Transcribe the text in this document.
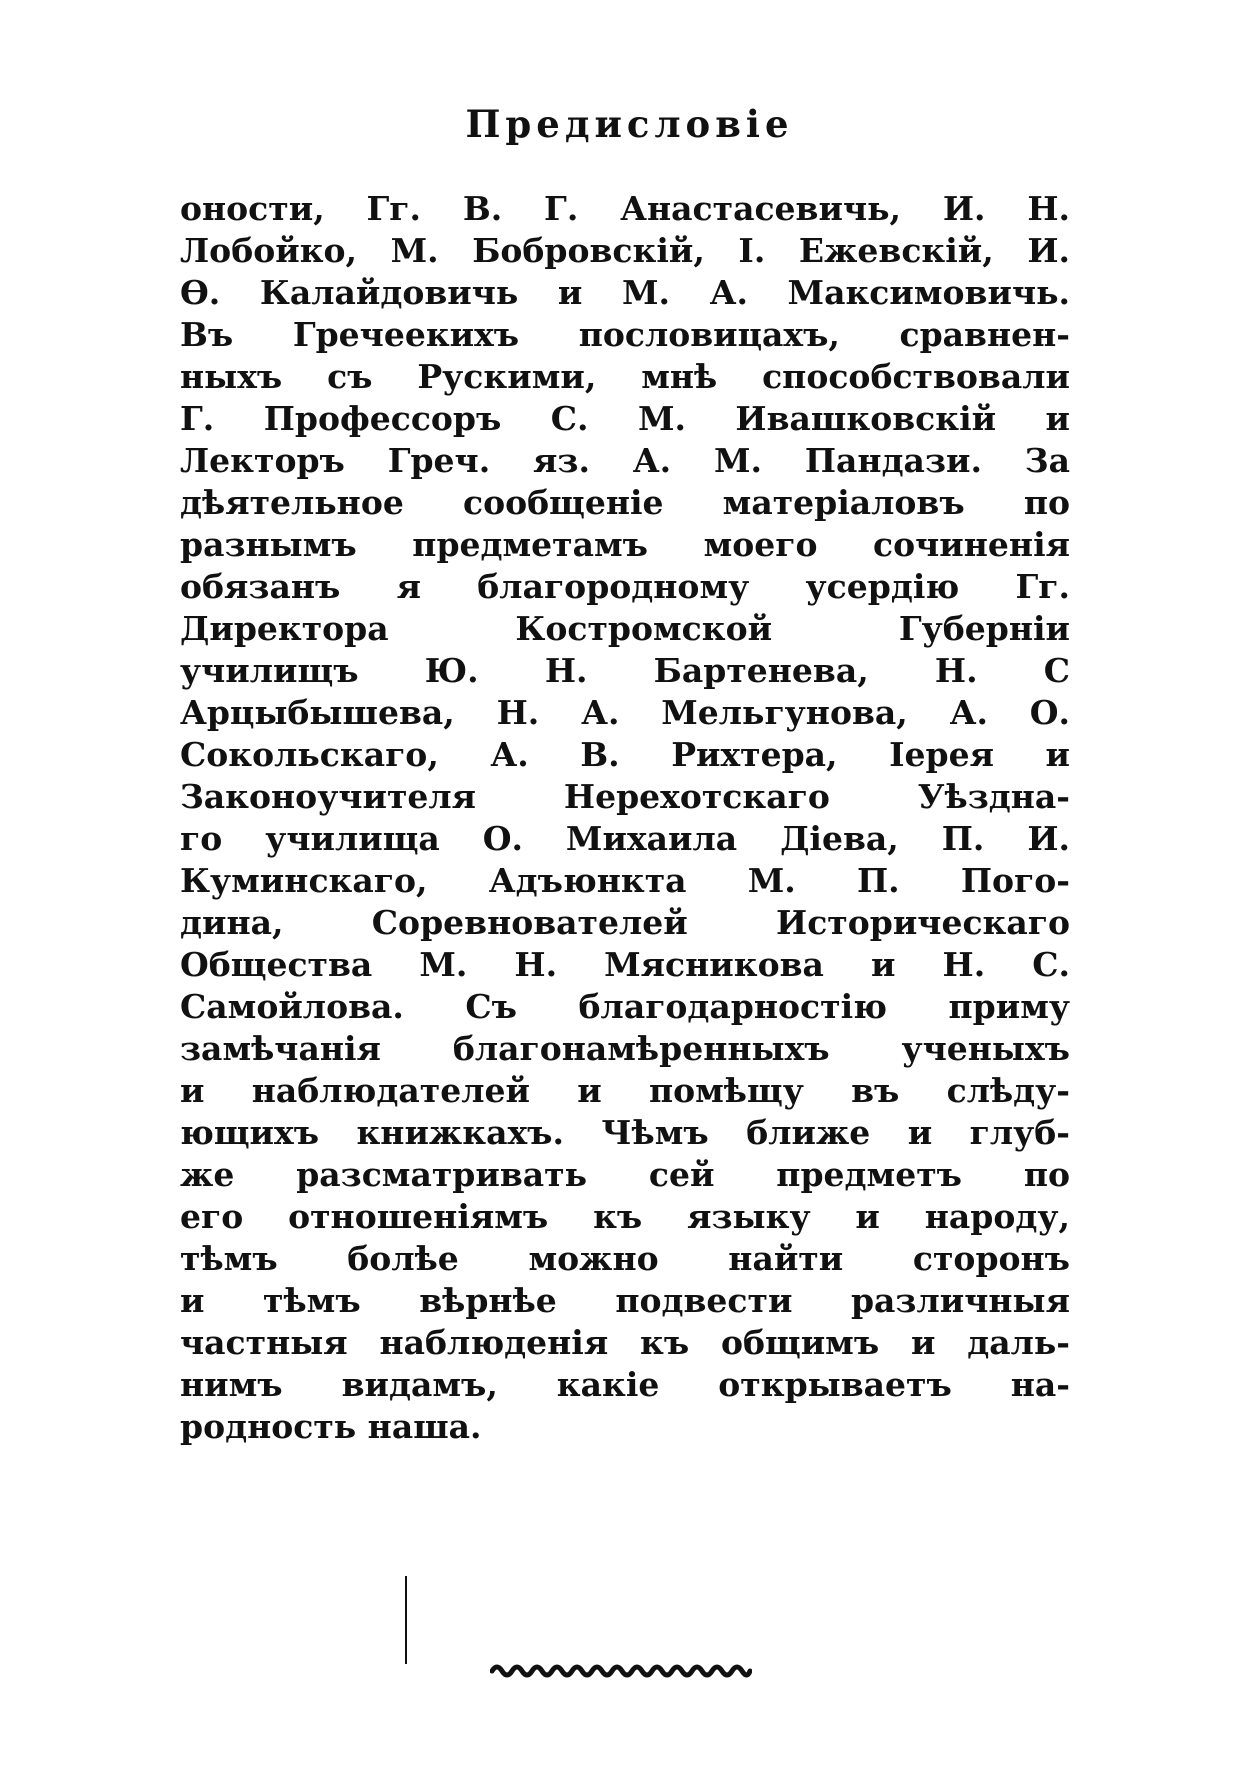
Предисловіе
оности, Гг. В. Г. Анастасевичь, И. Н.
Лобойко, М. Бобровскій, І. Ежевскій, И.
Ѳ. Калайдовичь и М. А. Максимовичь.
Въ Гречеекихъ пословицахъ, сравнен-
ныхъ съ Рускими, мнѣ способствовали
Г. Профессоръ С. М. Ивашковскій и
Лекторъ Греч. яз. А. М. Пандази. За
дѣятельное сообщеніе матеріаловъ по
разнымъ предметамъ моего сочиненія
обязанъ я благородному усердію Гг.
Директора Костромской Губерніи
училищъ Ю. Н. Бартенева, Н. С
Арцыбышева, Н. А. Мельгунова, А. О.
Сокольскаго, А. В. Рихтера, Іерея и
Законоучителя Нерехотскаго Уѣздна-
го училища О. Михаила Діева, П. И.
Куминскаго, Адъюнкта М. П. Пого-
дина, Соревнователей Историческаго
Общества М. Н. Мясникова и Н. С.
Самойлова. Съ благодарностію приму
замѣчанія благонамѣренныхъ ученыхъ
и наблюдателей и помѣщу въ слѣду-
ющихъ книжкахъ. Чѣмъ ближе и глуб-
же разсматривать сей предметъ по
его отношеніямъ къ языку и народу,
тѣмъ болѣе можно найти сторонъ
и тѣмъ вѣрнѣе подвести различныя
частныя наблюденія къ общимъ и даль-
нимъ видамъ, какіе открываетъ на-
родность наша.
